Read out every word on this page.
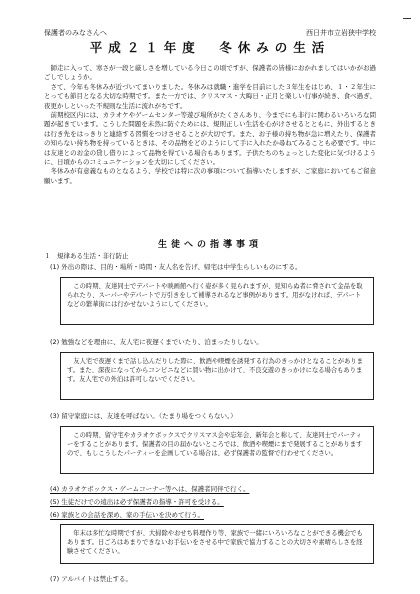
保護者のみなさんへ	西日井市立岩狭中学校
平成２１年度　冬休みの生活

師走に入って、寒さが一段と厳しさを増している今日この頃ですが、保護者の皆様におかれましてはいかがお過ごしでしょうか。

さて、今年も冬休みが近づいてまいりました。冬休みは就職・進学を目前にした３年生をはじめ、１・２年生にとっても節目となる大切な時期です。また一方では、クリスマス・大晦日・正月と楽しい行事が続き、食べ過ぎ、夜更かしといった不規則な生活に流れがちです。

前期校区内には、カラオケやゲームセンター等遊び場所がたくさんあり、今までにも非行に関わるいろいろな問題が起きています。こうした問題を未然に防ぐためには、規則正しい生活を心がけさせるとともに、外出するときは行き先をはっきりと連絡する習慣をつけさせることが大切です。また、お子様の持ち物が急に増えたり、保護者の知らない持ち物を持っているときは、その品物をどのようにして手に入れたか尋ねてみることも必要です。中には友達とのお金の貸し借りによって品物を得ている場合もあります。子供たちのちょっとした変化に気づけるように、日頃からのコミュニケーションを大切にしてください。

冬休みが有意義なものとなるよう、学校では特に次の事項について指導いたしますが、ご家庭においてもご留意願います。

生徒への指導事項
１　規律ある生活・非行防止
(1) 外出の際は、目的・場所・時間・友人名を告げ、帰宅は中学生らしいものにする。
この時期、友達同士でデパートや映画館へ行く姿が多く見られますが、見知らぬ者に脅されて金品を取られたり、スーパーやデパートで万引きをして補導されるなど事例があります。用がなければ、デパートなどの繁華街には行かせないようにしてください。
(2) 勉強などを理由に、友人宅に夜遅くまでいたり、泊まったりしない。
友人宅で夜遅くまで話し込んだりした際に、飲酒や喫煙を誘発する行為のきっかけとなることがあります。また、深夜になってからコンビニなどに買い物に出かけて、不良交遊のきっかけになる場合もあります。友人宅での外泊は許可しないでください。
(3) 留守家庭には、友達を呼ばない。（たまり場をつくらない。）
この時期、留守宅やカラオケボックスでクリスマス会や忘年会、新年会と称して、友達同士でパーティーをすることがあります。保護者の目の届かないところでは、飲酒や喫煙にまで発展することがありますので、もしこうしたパーティーを企画している場合は、必ず保護者の監督で行わせてください。
(4) カラオケボックス・ゲームコーナー等へは、保護者同伴で行く。
(5) 生徒だけでの遠出は必ず保護者の指導・許可を受ける。
(6) 家族との会話を深め、家の手伝いを決めて行う。
年末は多忙な時期ですが、大掃除やおせち料理作り等、家族で一緒にいろいろなことができる機会でもあります。日ごろはあまりできないお手伝いをさせる中で家族で協力することの大切さや素晴らしさを経験させてください。
(7) アルバイトは禁止する。
